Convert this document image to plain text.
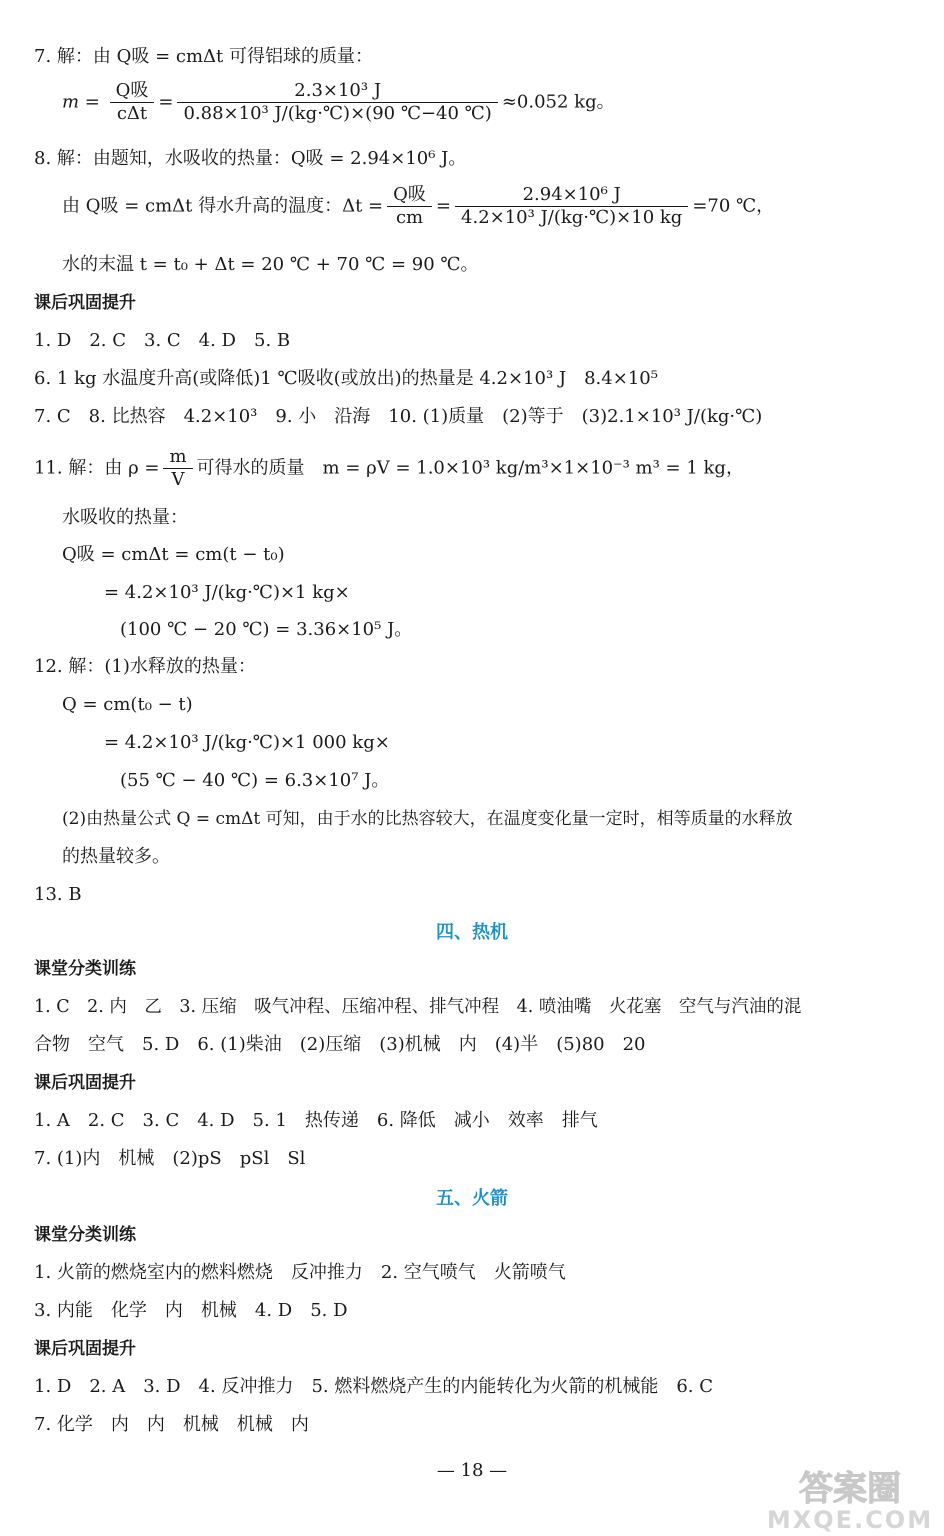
7. 解：由 Q吸 = cmΔt 可得铝球的质量：
$m = \frac{\text{Q吸}}{\text{cΔt}} = \frac{\text{2.3×10³ J}}{\text{0.88×10³ J/(kg·℃)×(90 ℃−40 ℃)}} \approx 0.052$ kg。
8. 解：由题知，水吸收的热量：Q吸 = 2.94×10⁶ J。
由 Q吸 = cmΔt 得水升高的温度：$\Delta t = \frac{\text{Q吸}}{cm} = \frac{\text{2.94×10⁶ J}}{\text{4.2×10³ J/(kg·℃)×10 kg}} =70$ ℃，
水的末温 t = t₀ + Δt = 20 ℃ + 70 ℃ = 90 ℃。
课后巩固提升
1. D　2. C　3. C　4. D　5. B
6. 1 kg 水温度升高(或降低)1 ℃吸收(或放出)的热量是 4.2×10³ J　8.4×10⁵
7. C　8. 比热容　4.2×10³　9. 小　沿海　10. (1)质量　(2)等于　(3)2.1×10³ J/(kg·℃)
11. 解：由 $\rho = \frac{m}{V}$ 可得水的质量　m = ρV = 1.0×10³ kg/m³×1×10⁻³ m³ = 1 kg，
水吸收的热量：
Q吸 = cmΔt = cm(t − t₀)
= 4.2×10³ J/(kg·℃)×1 kg×
(100 ℃ − 20 ℃) = 3.36×10⁵ J。
12. 解：(1)水释放的热量：
Q = cm(t₀ − t)
= 4.2×10³ J/(kg·℃)×1 000 kg×
(55 ℃ − 40 ℃) = 6.3×10⁷ J。
(2)由热量公式 Q = cmΔt 可知，由于水的比热容较大，在温度变化量一定时，相等质量的水释放
的热量较多。
13. B
四、热机
课堂分类训练
1. C　2. 内　乙　3. 压缩　吸气冲程、压缩冲程、排气冲程　4. 喷油嘴　火花塞　空气与汽油的混
合物　空气　5. D　6. (1)柴油　(2)压缩　(3)机械　内　(4)半　(5)80　20
课后巩固提升
1. A　2. C　3. C　4. D　5. 1　热传递　6. 降低　减小　效率　排气
7. (1)内　机械　(2)pS　pSl　Sl
五、火箭
课堂分类训练
1. 火箭的燃烧室内的燃料燃烧　反冲推力　2. 空气喷气　火箭喷气
3. 内能　化学　内　机械　4. D　5. D
课后巩固提升
1. D　2. A　3. D　4. 反冲推力　5. 燃料燃烧产生的内能转化为火箭的机械能　6. C
7. 化学　内　内　机械　机械　内
— 18 —	答案圈
MXQE.COM
